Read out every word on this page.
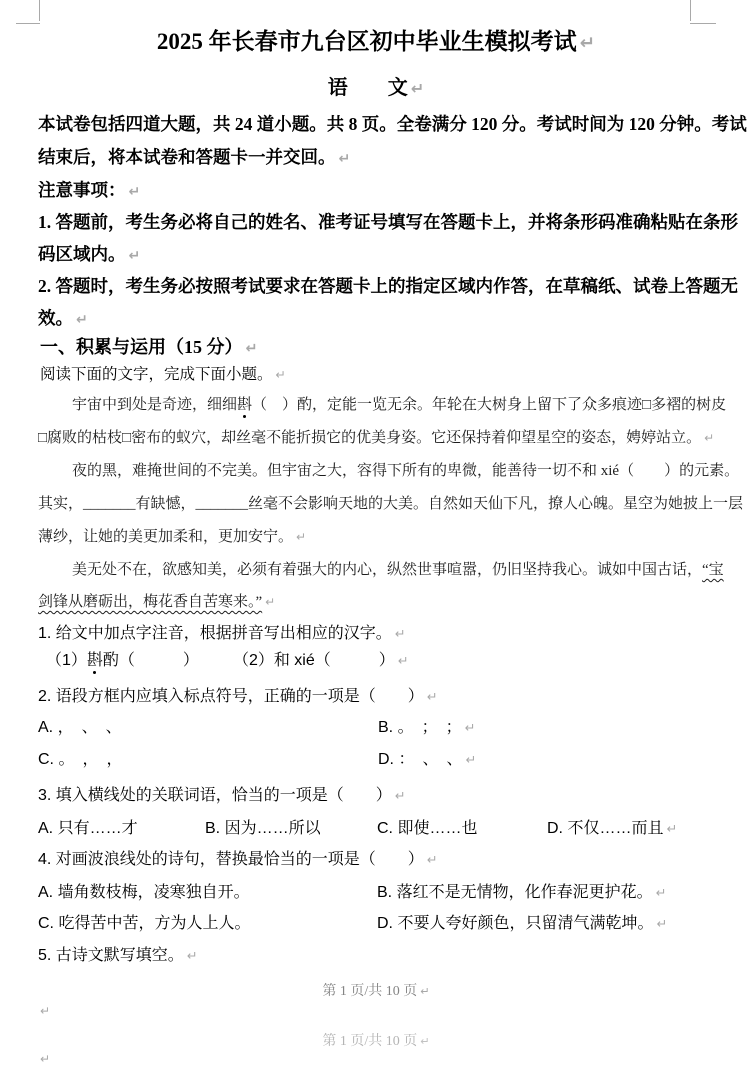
2025 年长春市九台区初中毕业生模拟考试 ↵
语　　文 ↵
本试卷包括四道大题，共 24 道小题。共 8 页。全卷满分 120 分。考试时间为 120 分钟。考试
结束后，将本试卷和答题卡一并交回。 ↵
注意事项： ↵
1. 答题前，考生务必将自己的姓名、准考证号填写在答题卡上，并将条形码准确粘贴在条形
码区域内。 ↵
2. 答题时，考生务必按照考试要求在答题卡上的指定区域内作答，在草稿纸、试卷上答题无
效。 ↵
一、积累与运用（15 分） ↵
阅读下面的文字，完成下面小题。 ↵
宇宙中到处是奇迹，细细斟（　）酌，定能一览无余。年轮在大树身上留下了众多痕迹□多褶的树皮
□腐败的枯枝□密布的蚁穴，却丝毫不能折损它的优美身姿。它还保持着仰望星空的姿态，娉婷站立。 ↵
夜的黑，难掩世间的不完美。但宇宙之大，容得下所有的卑微，能善待一切不和 xié（　　）的元素。
其实，_______有缺憾，_______丝毫不会影响天地的大美。自然如天仙下凡，撩人心魄。星空为她披上一层
薄纱，让她的美更加柔和，更加安宁。 ↵
美无处不在，欲感知美，必须有着强大的内心，纵然世事喧嚣，仍旧坚持我心。诚如中国古话，“宝
剑锋从磨砺出，梅花香自苦寒来。” ↵
1. 给文中加点字注音，根据拼音写出相应的汉字。 ↵
（1）斟酌（　　　）	（2）和 xié（　　　） ↵
2. 语段方框内应填入标点符号，正确的一项是（　　） ↵
A. ，　、　、	B. 。　；　； ↵
C. 。　，　，	D. ：　、　、 ↵
3. 填入横线处的关联词语，恰当的一项是（　　） ↵
A. 只有……才	B. 因为……所以	C. 即使……也	D. 不仅……而且 ↵
4. 对画波浪线处的诗句，替换最恰当的一项是（　　） ↵
A. 墙角数枝梅，凌寒独自开。	B. 落红不是无情物，化作春泥更护花。 ↵
C. 吃得苦中苦，方为人上人。	D. 不要人夸好颜色，只留清气满乾坤。 ↵
5. 古诗文默写填空。 ↵
第 1 页/共 10 页 ↵
↵
第 1 页/共 10 页 ↵
↵
